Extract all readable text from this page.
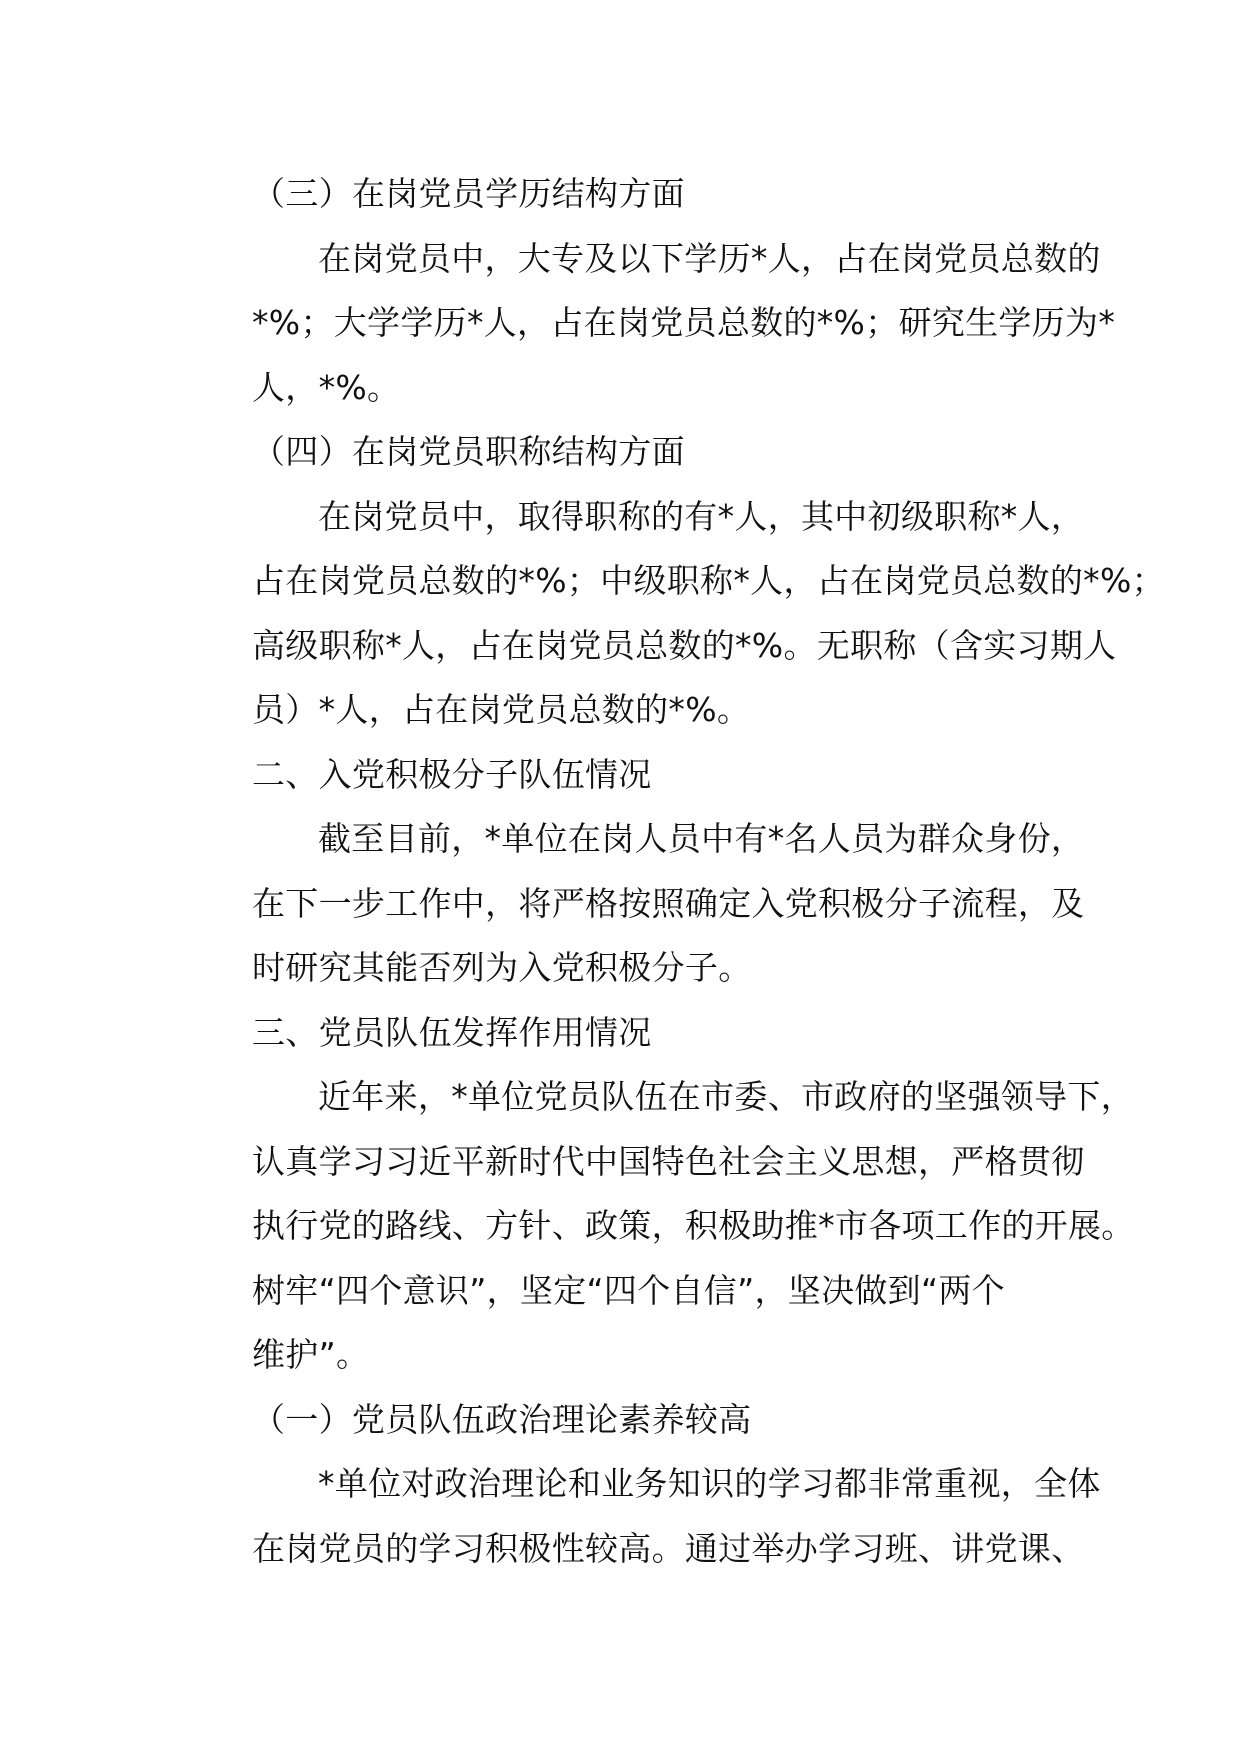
（三）在岗党员学历结构方面

在岗党员中，大专及以下学历*人，占在岗党员总数的
*%；大学学历*人，占在岗党员总数的*%；研究生学历为*
人，*%。

（四）在岗党员职称结构方面

在岗党员中，取得职称的有*人，其中初级职称*人，
占在岗党员总数的*%；中级职称*人，占在岗党员总数的*%；
高级职称*人，占在岗党员总数的*%。无职称（含实习期人
员）*人，占在岗党员总数的*%。

二、入党积极分子队伍情况

截至目前，*单位在岗人员中有*名人员为群众身份，
在下一步工作中，将严格按照确定入党积极分子流程，及
时研究其能否列为入党积极分子。

三、党员队伍发挥作用情况

近年来，*单位党员队伍在市委、市政府的坚强领导下，
认真学习习近平新时代中国特色社会主义思想，严格贯彻
执行党的路线、方针、政策，积极助推*市各项工作的开展。
树牢“四个意识”，坚定“四个自信”，坚决做到“两个
维护”。

（一）党员队伍政治理论素养较高

*单位对政治理论和业务知识的学习都非常重视，全体
在岗党员的学习积极性较高。通过举办学习班、讲党课、
